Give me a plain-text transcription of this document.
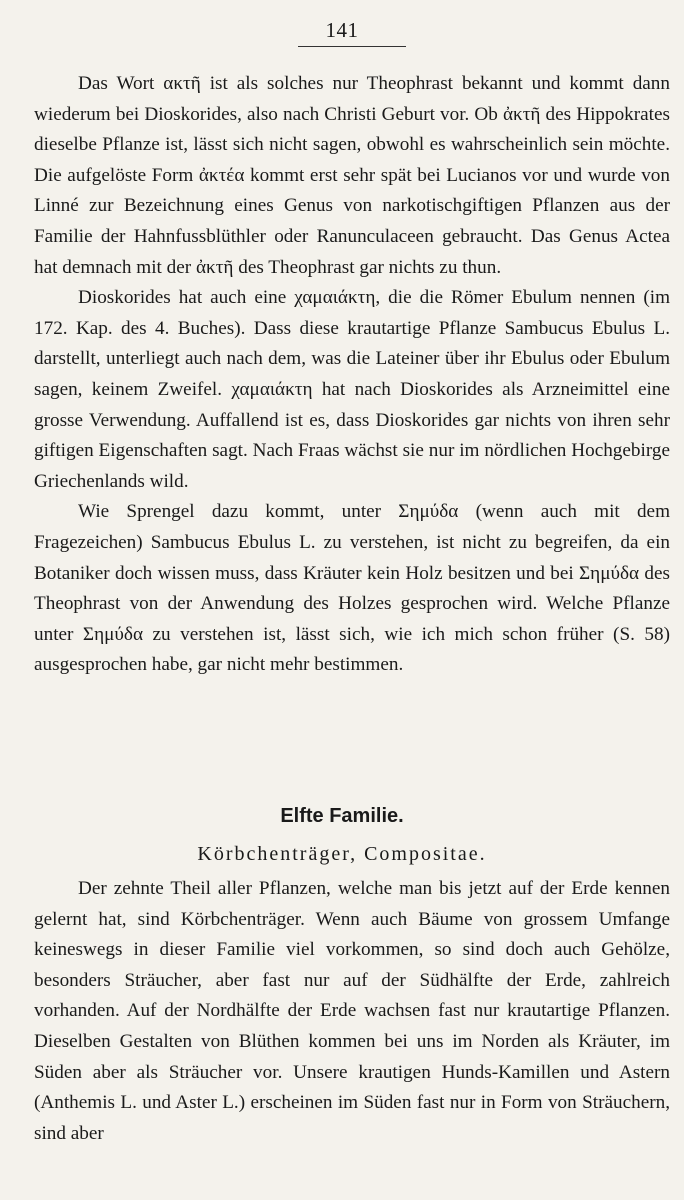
141

Das Wort ακτῆ ist als solches nur Theophrast bekannt und kommt dann wiederum bei Dioskorides, also nach Christi Geburt vor. Ob ἀκτῆ des Hippokrates dieselbe Pflanze ist, lässt sich nicht sagen, obwohl es wahrscheinlich sein möchte. Die aufgelöste Form ἀκτέα kommt erst sehr spät bei Lucianos vor und wurde von Linné zur Bezeichnung eines Genus von narkotischgiftigen Pflanzen aus der Familie der Hahnfussblüthler oder Ranunculaceen gebraucht. Das Genus Actea hat demnach mit der ἀκτῆ des Theophrast gar nichts zu thun.

Dioskorides hat auch eine χαμαιάκτη, die die Römer Ebulum nennen (im 172. Kap. des 4. Buches). Dass diese krautartige Pflanze Sambucus Ebulus L. darstellt, unterliegt auch nach dem, was die Lateiner über ihr Ebulus oder Ebulum sagen, keinem Zweifel. χαμαιάκτη hat nach Dioskorides als Arzneimittel eine grosse Verwendung. Auffallend ist es, dass Dioskorides gar nichts von ihren sehr giftigen Eigenschaften sagt. Nach Fraas wächst sie nur im nördlichen Hochgebirge Griechenlands wild.

Wie Sprengel dazu kommt, unter Σημύδα (wenn auch mit dem Fragezeichen) Sambucus Ebulus L. zu verstehen, ist nicht zu begreifen, da ein Botaniker doch wissen muss, dass Kräuter kein Holz besitzen und bei Σημύδα des Theophrast von der Anwendung des Holzes gesprochen wird. Welche Pflanze unter Σημύδα zu verstehen ist, lässt sich, wie ich mich schon früher (S. 58) ausgesprochen habe, gar nicht mehr bestimmen.

Elfte Familie.
Körbchenträger, Compositae.

Der zehnte Theil aller Pflanzen, welche man bis jetzt auf der Erde kennen gelernt hat, sind Körbchenträger. Wenn auch Bäume von grossem Umfange keineswegs in dieser Familie viel vorkommen, so sind doch auch Gehölze, besonders Sträucher, aber fast nur auf der Südhälfte der Erde, zahlreich vorhanden. Auf der Nordhälfte der Erde wachsen fast nur krautartige Pflanzen. Dieselben Gestalten von Blüthen kommen bei uns im Norden als Kräuter, im Süden aber als Sträucher vor. Unsere krautigen Hunds-Kamillen und Astern (Anthemis L. und Aster L.) erscheinen im Süden fast nur in Form von Sträuchern, sind aber
